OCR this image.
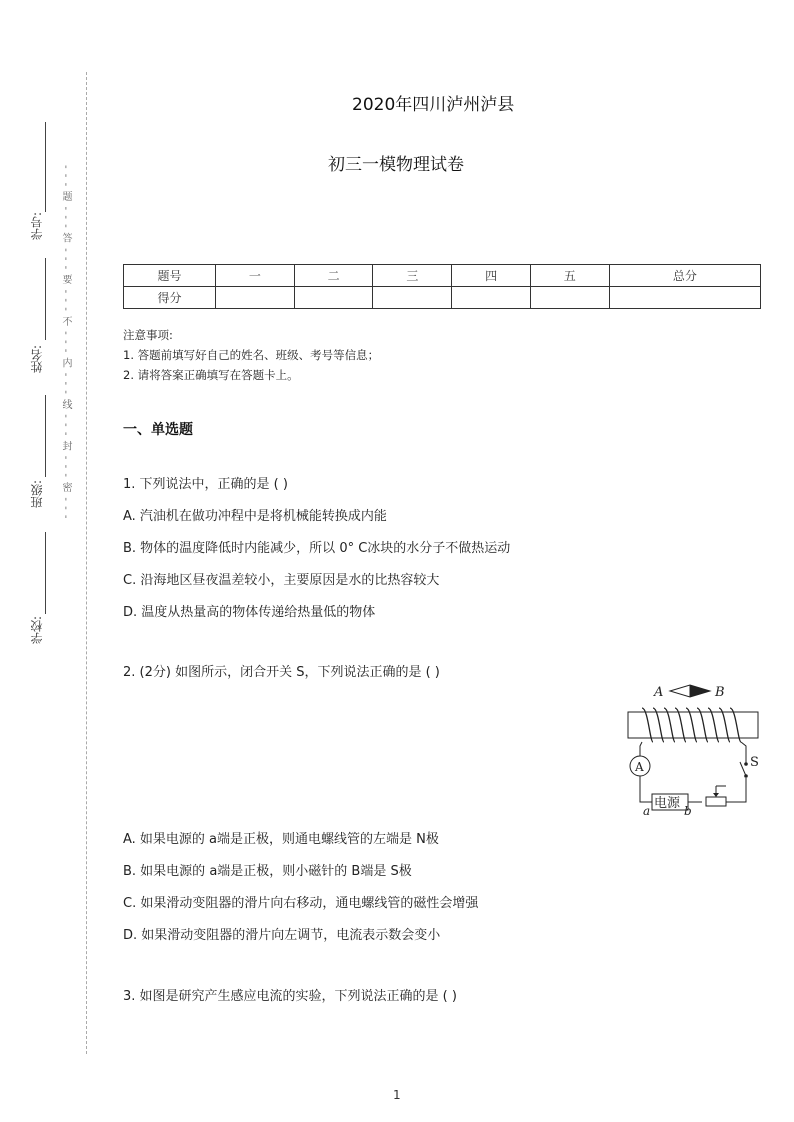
学号:
姓名:
班级:
学校:
- - - 题 - - - 答 - - - 要 - - - 不 - - - 内 - - - 线 - - - 封 - - - 密 - - -
2020年四川泸州泸县
初三一模物理试卷
题号	一	二	三	四	五	总分
得分						
注意事项:
1. 答题前填写好自己的姓名、班级、考号等信息；
2. 请将答案正确填写在答题卡上。
一、单选题
1. 下列说法中，正确的是 ( )
A. 汽油机在做功冲程中是将机械能转换成内能
B. 物体的温度降低时内能减少，所以 0° C冰块的水分子不做热运动
C. 沿海地区昼夜温差较小，主要原因是水的比热容较大
D. 温度从热量高的物体传递给热量低的物体
2. (2分) 如图所示，闭合开关 S，下列说法正确的是 ( )
A	B
A	S
电源
a	b
A. 如果电源的 a端是正极，则通电螺线管的左端是 N极
B. 如果电源的 a端是正极，则小磁针的 B端是 S极
C. 如果滑动变阻器的滑片向右移动，通电螺线管的磁性会增强
D. 如果滑动变阻器的滑片向左调节，电流表示数会变小
3. 如图是研究产生感应电流的实验，下列说法正确的是 ( )
1
